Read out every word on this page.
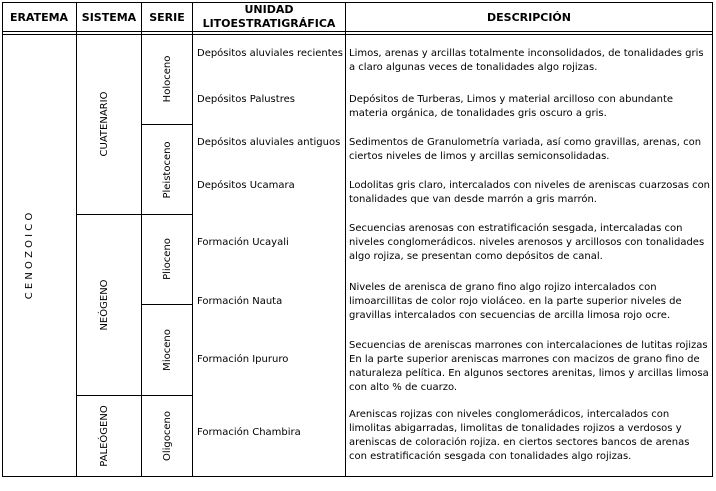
ERATEMA SISTEMA SERIE
UNIDAD
LITOESTRATIGRÁFICA	DESCRIPCIÓN
C E N O Z O I C O
CUATENARIO
NEÓGENO
PALEÓGENO
Holoceno
Pleistoceno
Plioceno
Mioceno
Oligoceno
Depósitos aluviales recientes
Depósitos Palustres
Depósitos aluviales antiguos
Depósitos Ucamara
Formación Ucayali
Formación Nauta
Formación Ipururo
Formación Chambira
Limos, arenas y arcillas totalmente inconsolidados, de tonalidades gris
a claro algunas veces de tonalidades algo rojizas.
Depósitos de Turberas, Limos y material arcilloso con abundante
materia orgánica, de tonalidades gris oscuro a gris.
Sedimentos de Granulometría variada, así como gravillas, arenas, con
ciertos niveles de limos y arcillas semiconsolidadas.
Lodolitas gris claro, intercalados con niveles de areniscas cuarzosas con
tonalidades que van desde marrón a gris marrón.
Secuencias arenosas con estratificación sesgada, intercaladas con
niveles conglomerádicos. niveles arenosos y arcillosos con tonalidades
algo rojiza, se presentan como depósitos de canal.
Niveles de arenisca de grano fino algo rojizo intercalados con
limoarcillitas de color rojo violáceo. en la parte superior niveles de
gravillas intercalados con secuencias de arcilla limosa rojo ocre.
Secuencias de areniscas marrones con intercalaciones de lutitas rojizas
En la parte superior areniscas marrones con macizos de grano fino de
naturaleza pelítica. En algunos sectores arenitas, limos y arcillas limosa
con alto % de cuarzo.
Areniscas rojizas con niveles conglomerádicos, intercalados con
limolitas abigarradas, limolitas de tonalidades rojizos a verdosos y
areniscas de coloración rojiza. en ciertos sectores bancos de arenas
con estratificación sesgada con tonalidades algo rojizas.
